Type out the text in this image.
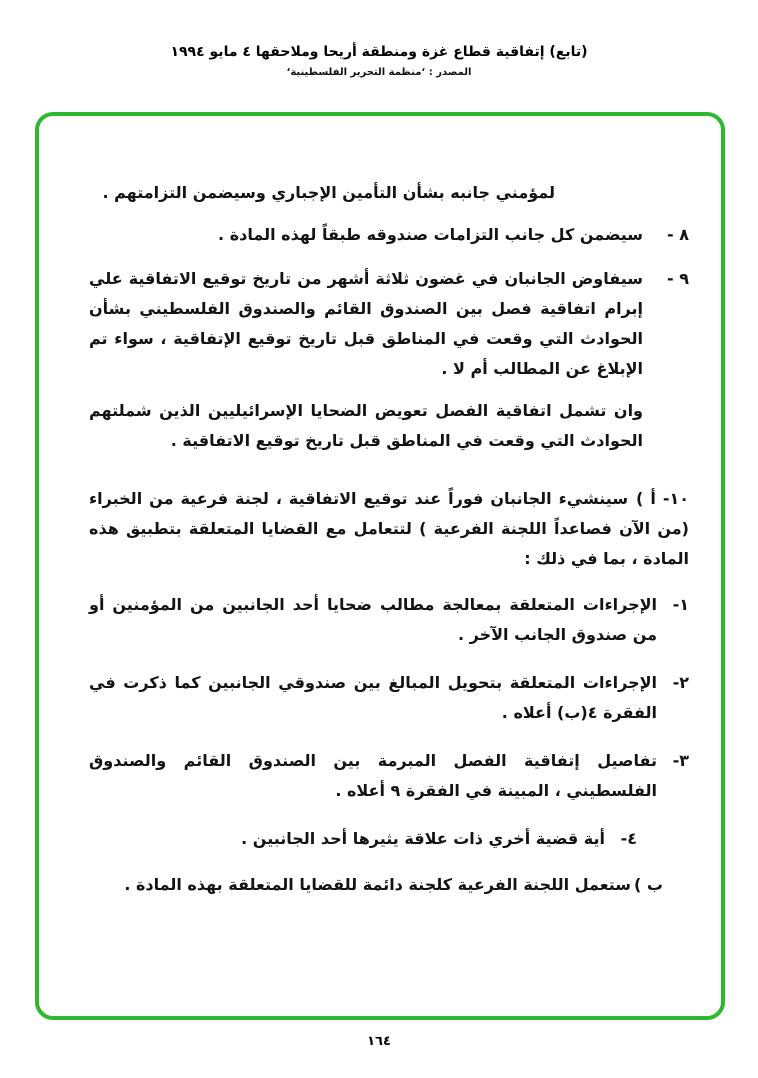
(تابع) إتفاقية قطاع غزة ومنطقة أريحا وملاحقها ٤ مايو ١٩٩٤
المصدر : ‘منظمة التحرير الفلسطينية‘
لمؤمني جانبه بشأن التأمين الإجباري وسيضمن التزامتهم .
٨ -
سيضمن كل جانب التزامات صندوقه طبقاً لهذه المادة .
٩ -
سيفاوض الجانبان في غضون ثلاثة أشهر من تاريخ توقيع الاتفاقية علي إبرام اتفاقية فصل بين الصندوق القائم والصندوق الفلسطيني بشأن الحوادث التي وقعت في المناطق قبل تاريخ توقيع الإتفاقية ، سواء تم الإبلاغ عن المطالب أم لا .
وان تشمل اتفاقية الفصل تعويض الضحايا الإسرائيليين الذين شملتهم الحوادث التي وقعت في المناطق قبل تاريخ توقيع الاتفاقية .
١٠- أ )سينشيء الجانبان فوراً عند توقيع الاتفاقية ، لجنة فرعية من الخبراء (من الآن فصاعداً اللجنة الفرعية ) لتتعامل مع القضايا المتعلقة بتطبيق هذه المادة ، بما في ذلك :
١-
الإجراءات المتعلقة بمعالجة مطالب ضحايا أحد الجانبين من المؤمنين أو من صندوق الجانب الآخر .
٢-
الإجراءات المتعلقة بتحويل المبالغ بين صندوقي الجانبين كما ذكرت في الفقرة ٤(ب) أعلاه .
٣-
تفاصيل إتفاقية الفصل المبرمة بين الصندوق القائم والصندوق الفلسطيني ، المبينة في الفقرة ٩ أعلاه .
٤-
أية قضية أخري ذات علاقة يثيرها أحد الجانبين .
ب )
ستعمل اللجنة الفرعية كلجنة دائمة للقضايا المتعلقة بهذه المادة .
١٦٤
